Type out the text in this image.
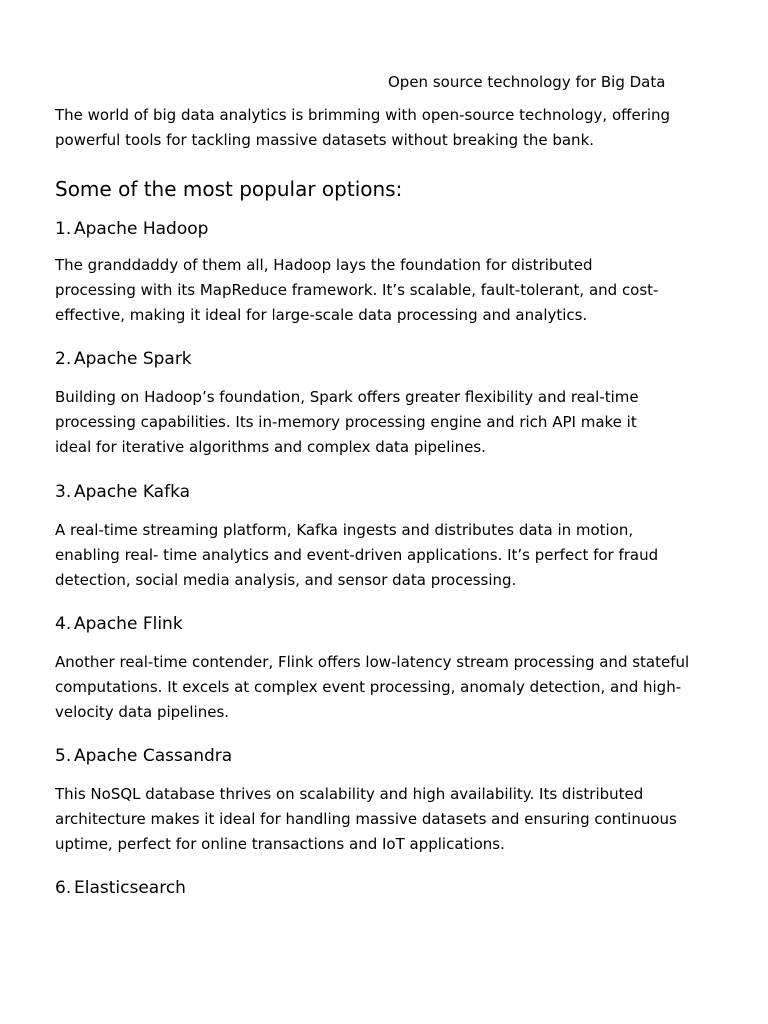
Open source technology for Big Data

The world of big data analytics is brimming with open-source technology, offering powerful tools for tackling massive datasets without breaking the bank.

Some of the most popular options:
1. Apache Hadoop

The granddaddy of them all, Hadoop lays the foundation for distributed
processing with its MapReduce framework. It’s scalable, fault-tolerant, and cost-
effective, making it ideal for large-scale data processing and analytics.

2. Apache Spark

Building on Hadoop’s foundation, Spark offers greater flexibility and real-time
processing capabilities. Its in-memory processing engine and rich API make it
ideal for iterative algorithms and complex data pipelines.

3. Apache Kafka

A real-time streaming platform, Kafka ingests and distributes data in motion,
enabling real- time analytics and event-driven applications. It’s perfect for fraud
detection, social media analysis, and sensor data processing.

4. Apache Flink

Another real-time contender, Flink offers low-latency stream processing and stateful
computations. It excels at complex event processing, anomaly detection, and high-
velocity data pipelines.

5. Apache Cassandra

This NoSQL database thrives on scalability and high availability. Its distributed
architecture makes it ideal for handling massive datasets and ensuring continuous
uptime, perfect for online transactions and IoT applications.

6. Elasticsearch
